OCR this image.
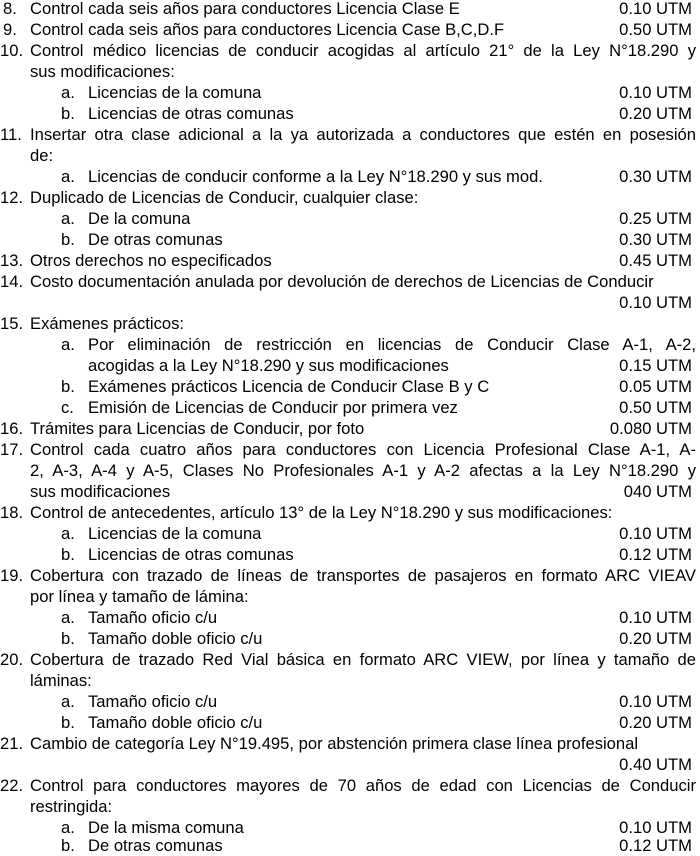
8. Control cada seis años para conductores Licencia Clase E	0.10 UTM
9. Control cada seis años para conductores Licencia Case B,C,D.F	0.50 UTM
10. Control médico licencias de conducir acogidas al artículo 21° de la Ley N°18.290 y
sus modificaciones:
a. Licencias de la comuna	0.10 UTM
b. Licencias de otras comunas	0.20 UTM
11. Insertar otra clase adicional a la ya autorizada a conductores que estén en posesión
de:
a. Licencias de conducir conforme a la Ley N°18.290 y sus mod.	0.30 UTM
12. Duplicado de Licencias de Conducir, cualquier clase:
a. De la comuna	0.25 UTM
b. De otras comunas	0.30 UTM
13. Otros derechos no especificados	0.45 UTM
14. Costo documentación anulada por devolución de derechos de Licencias de Conducir
0.10 UTM
15. Exámenes prácticos:
a. Por eliminación de restricción en licencias de Conducir Clase A-1, A-2,
acogidas a la Ley N°18.290 y sus modificaciones	0.15 UTM
b. Exámenes prácticos Licencia de Conducir Clase B y C	0.05 UTM
c. Emisión de Licencias de Conducir por primera vez	0.50 UTM
16. Trámites para Licencias de Conducir, por foto	0.080 UTM
17. Control cada cuatro años para conductores con Licencia Profesional Clase A-1, A-
2, A-3, A-4 y A-5, Clases No Profesionales A-1 y A-2 afectas a la Ley N°18.290 y
sus modificaciones	040 UTM
18. Control de antecedentes, artículo 13° de la Ley N°18.290 y sus modificaciones:
a. Licencias de la comuna	0.10 UTM
b. Licencias de otras comunas	0.12 UTM
19. Cobertura con trazado de líneas de transportes de pasajeros en formato ARC VIEAV
por línea y tamaño de lámina:
a. Tamaño oficio c/u	0.10 UTM
b. Tamaño doble oficio c/u	0.20 UTM
20. Cobertura de trazado Red Vial básica en formato ARC VIEW, por línea y tamaño de
láminas:
a. Tamaño oficio c/u	0.10 UTM
b. Tamaño doble oficio c/u	0.20 UTM
21. Cambio de categoría Ley N°19.495, por abstención primera clase línea profesional
0.40 UTM
22. Control para conductores mayores de 70 años de edad con Licencias de Conducir
restringida:
a. De la misma comuna	0.10 UTM
b. De otras comunas	0.12 UTM
